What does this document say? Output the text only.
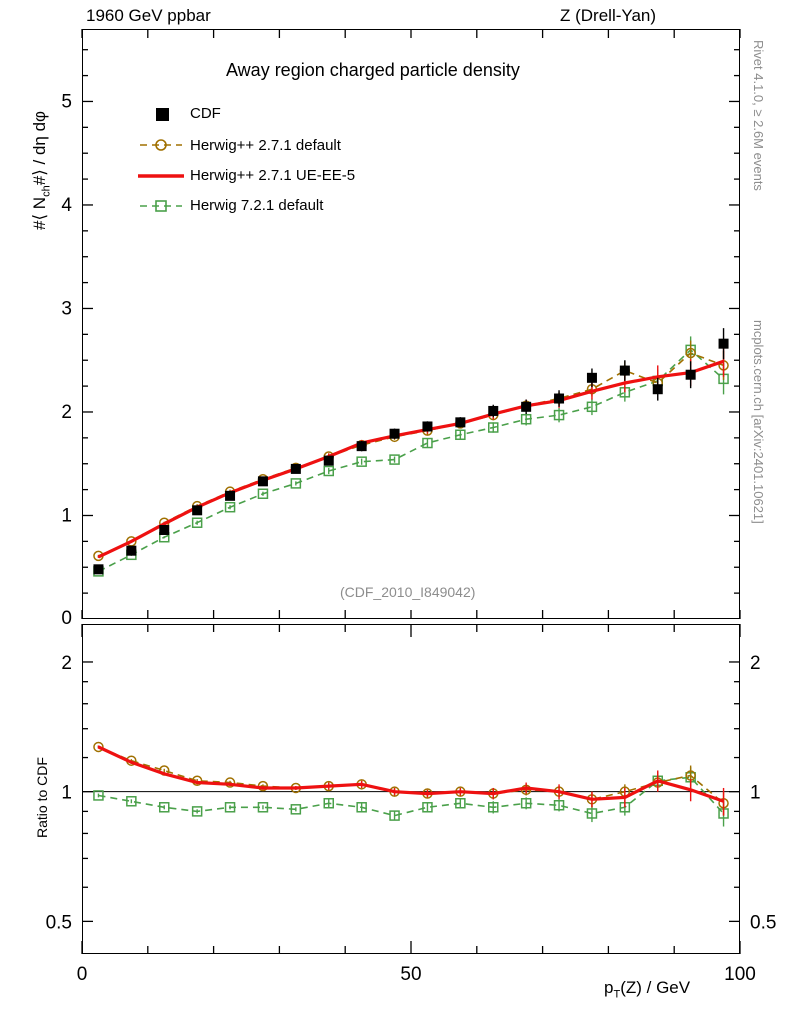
1960 GeV ppbar	Z (Drell-Yan)
Rivet 4.1.0, ≥ 2.6M events
mcplots.cern.ch [arXiv:2401.10621]
1
2
3
4
5
0
0.5	0.5
1	1
2	2
0	50	100
Away region charged particle density
(CDF_2010_I849042)
#⟨ $N_{ch}\#⟩$ / dη dφ
Ratio to CDF
$p_T(Z)$ / GeV
CDF
Herwig++ 2.7.1 default
Herwig++ 2.7.1 UE-EE-5
Herwig 7.2.1 default
